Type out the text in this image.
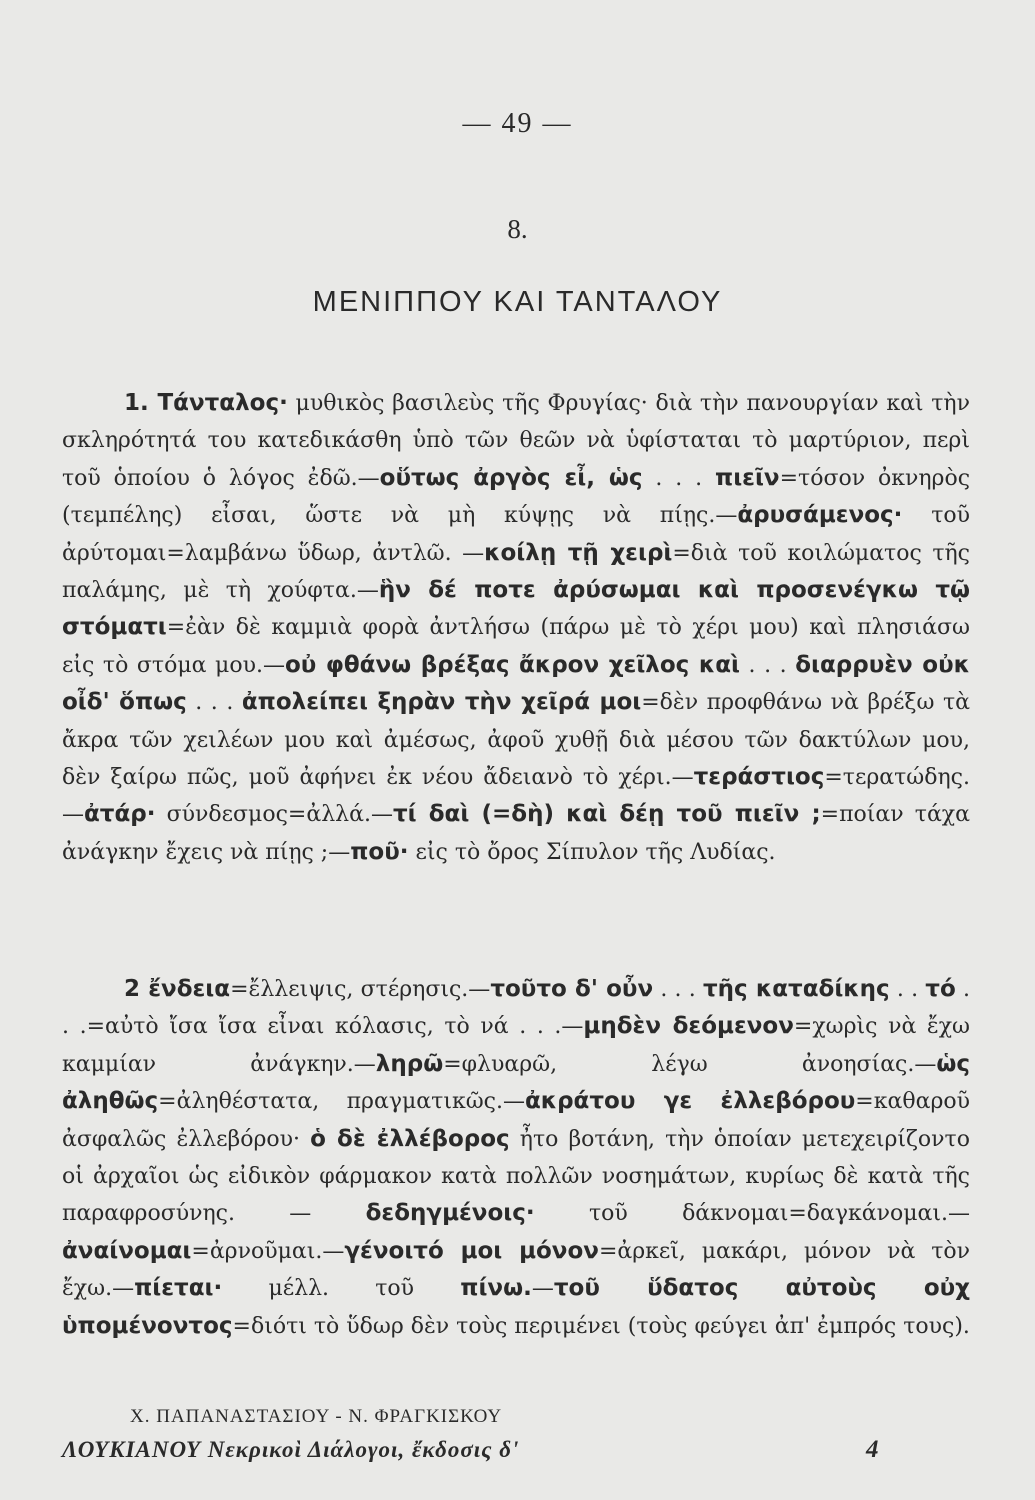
— 49 —
8.
ΜΕΝΙΠΠΟΥ ΚΑΙ ΤΑΝΤΑΛΟΥ
1. Τάνταλος· μυθικὸς βασιλεὺς τῆς Φρυγίας· διὰ τὴν πανουργίαν καὶ τὴν σκληρότητά του κατεδικάσθη ὑπὸ τῶν θεῶν νὰ ὑφίσταται τὸ μαρτύριον, περὶ τοῦ ὁποίου ὁ λόγος ἐδῶ.—οὕτως ἀργὸς εἶ, ὡς . . . πιεῖν=τόσον ὀκνηρὸς (τεμπέλης) εἶσαι, ὥστε νὰ μὴ κύψῃς νὰ πίῃς.—ἀρυσάμενος· τοῦ ἀρύτομαι=λαμβάνω ὕδωρ, ἀντλῶ. —κοίλῃ τῇ χειρὶ=διὰ τοῦ κοιλώματος τῆς παλάμης, μὲ τὴ χούφτα.—ἣν δέ ποτε ἀρύσωμαι καὶ προσενέγκω τῷ στόματι=ἐὰν δὲ καμμιὰ φορὰ ἀντλήσω (πάρω μὲ τὸ χέρι μου) καὶ πλησιάσω εἰς τὸ στόμα μου.—οὐ φθάνω βρέξας ἄκρον χεῖλος καὶ . . . διαρρυὲν οὐκ οἶδ' ὅπως . . . ἀπολείπει ξηρὰν τὴν χεῖρά μοι=δὲν προφθάνω νὰ βρέξω τὰ ἄκρα τῶν χειλέων μου καὶ ἀμέσως, ἀφοῦ χυθῇ διὰ μέσου τῶν δακτύλων μου, δὲν ξαίρω πῶς, μοῦ ἀφήνει ἐκ νέου ἄδειανὸ τὸ χέρι.—τεράστιος=τερατώδης. —ἀτάρ· σύνδεσμος=ἀλλά.—τί δαὶ (=δὴ) καὶ δέῃ τοῦ πιεῖν ;=ποίαν τάχα ἀνάγκην ἔχεις νὰ πίῃς ;—ποῦ· εἰς τὸ ὄρος Σίπυλον τῆς Λυδίας.
2 ἔνδεια=ἔλλειψις, στέρησις.—τοῦτο δ' οὖν . . . τῆς καταδίκης . . τό . . .=αὐτὸ ἴσα ἴσα εἶναι κόλασις, τὸ νά . . .—μηδὲν δεόμενον=χωρὶς νὰ ἔχω καμμίαν ἀνάγκην.—ληρῶ=φλυαρῶ, λέγω ἀνοησίας.—ὡς ἀληθῶς=ἀληθέστατα, πραγματικῶς.—ἀκράτου γε ἐλλεβόρου=καθαροῦ ἀσφαλῶς ἐλλεβόρου· ὁ δὲ ἐλλέβορος ἦτο βοτάνη, τὴν ὁποίαν μετεχειρίζοντο οἱ ἀρχαῖοι ὡς εἰδικὸν φάρμακον κατὰ πολλῶν νοσημάτων, κυρίως δὲ κατὰ τῆς παραφροσύνης. — δεδηγμένοις· τοῦ δάκνομαι=δαγκάνομαι.—ἀναίνομαι=ἀρνοῦμαι.—γένοιτό μοι μόνον=ἀρκεῖ, μακάρι, μόνον νὰ τὸν ἔχω.—πίεται· μέλλ. τοῦ πίνω.—τοῦ ὕδατος αὐτοὺς οὐχ ὑπομένοντος=διότι τὸ ὕδωρ δὲν τοὺς περιμένει (τοὺς φεύγει ἀπ' ἐμπρός τους).
Χ. ΠΑΠΑΝΑΣΤΑΣΙΟΥ - Ν. ΦΡΑΓΚΙΣΚΟΥ
ΛΟΥΚΙΑΝΟΥ Νεκρικοὶ Διάλογοι, ἔκδοσις δ'	4
